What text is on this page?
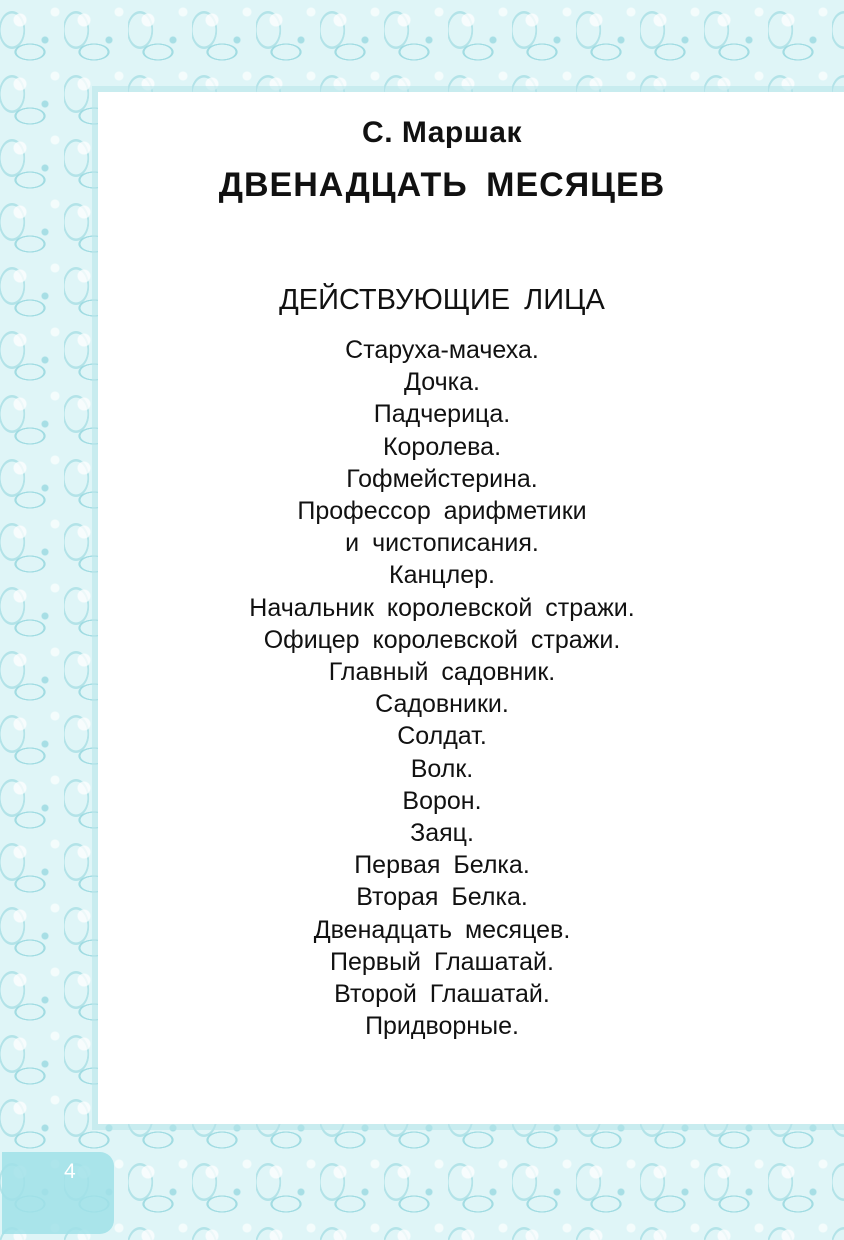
С. Маршак
ДВЕНАДЦАТЬ МЕСЯЦЕВ
ДЕЙСТВУЮЩИЕ ЛИЦА
Старуха-мачеха.
Дочка.
Падчерица.
Королева.
Гофмейстерина.
Профессор арифметики
и чистописания.
Канцлер.
Начальник королевской стражи.
Офицер королевской стражи.
Главный садовник.
Садовники.
Солдат.
Волк.
Ворон.
Заяц.
Первая Белка.
Вторая Белка.
Двенадцать месяцев.
Первый Глашатай.
Второй Глашатай.
Придворные.
4
